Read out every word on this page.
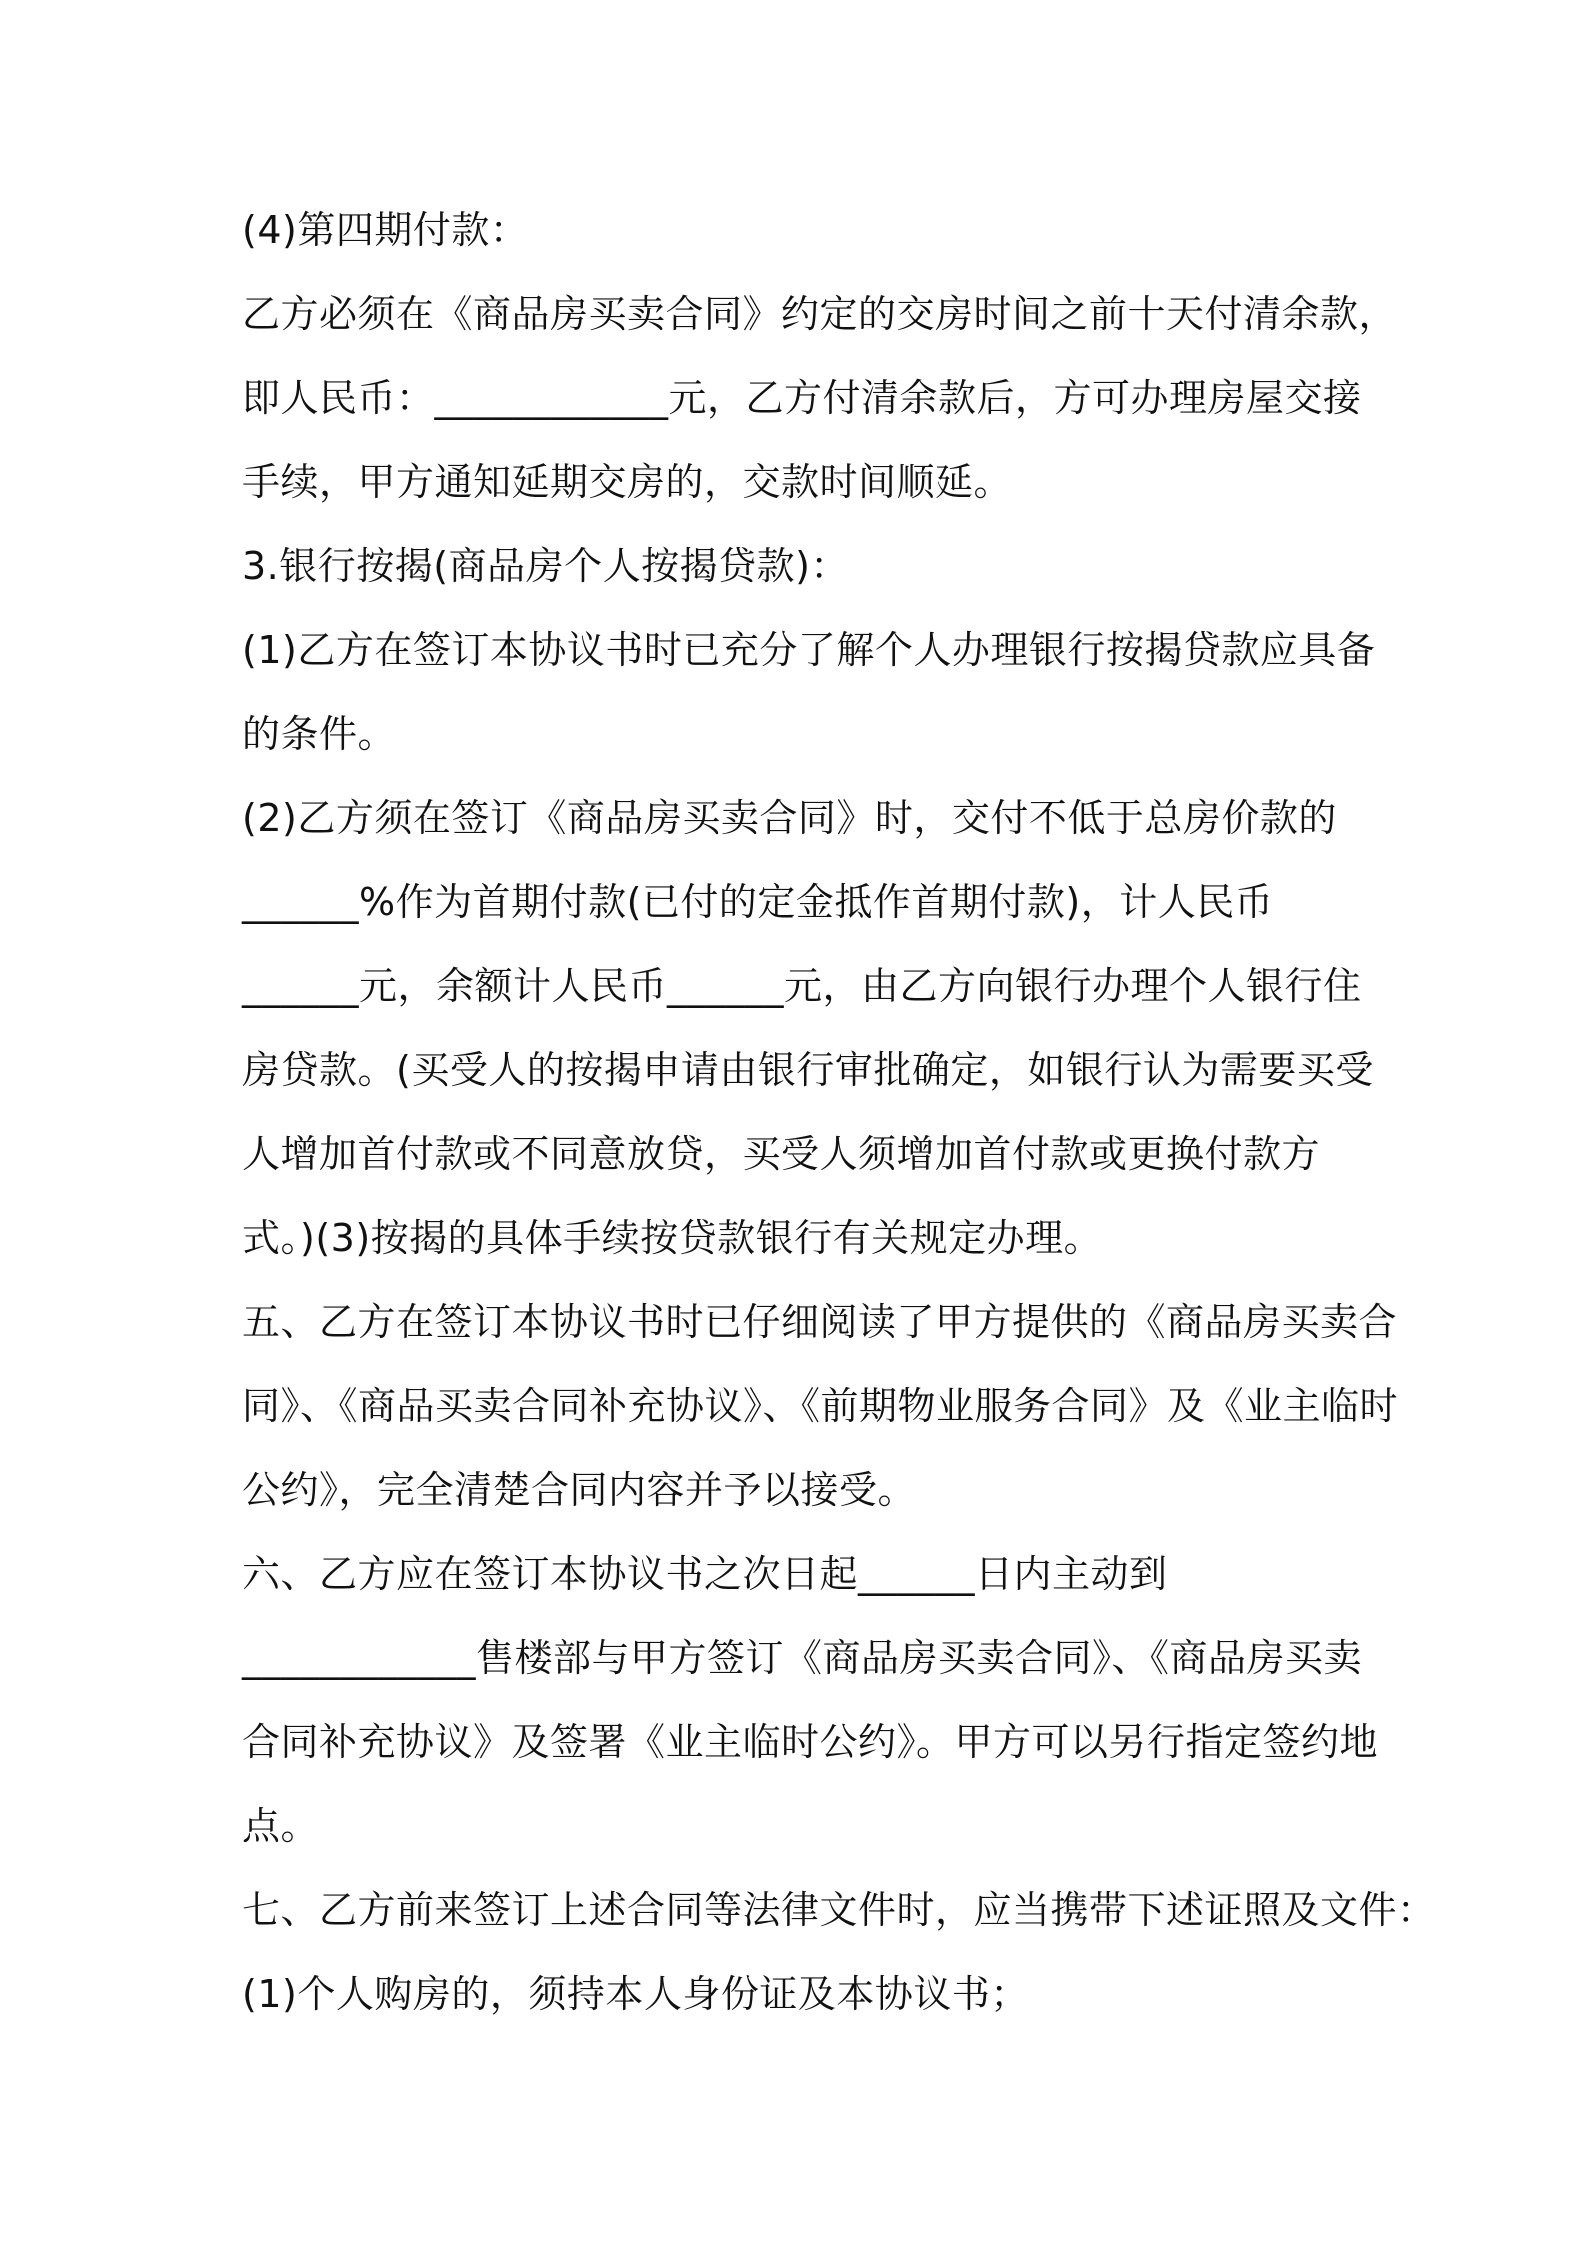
(4)第四期付款：

乙方必须在《商品房买卖合同》约定的交房时间之前十天付清余款，

即人民币：____________元，乙方付清余款后，方可办理房屋交接

手续，甲方通知延期交房的，交款时间顺延。

3.银行按揭(商品房个人按揭贷款)：

(1)乙方在签订本协议书时已充分了解个人办理银行按揭贷款应具备

的条件。

(2)乙方须在签订《商品房买卖合同》时，交付不低于总房价款的

______%作为首期付款(已付的定金抵作首期付款)，计人民币

______元，余额计人民币______元，由乙方向银行办理个人银行住

房贷款。(买受人的按揭申请由银行审批确定，如银行认为需要买受

人增加首付款或不同意放贷，买受人须增加首付款或更换付款方

式。)(3)按揭的具体手续按贷款银行有关规定办理。

五、乙方在签订本协议书时已仔细阅读了甲方提供的《商品房买卖合

同》、《商品买卖合同补充协议》、《前期物业服务合同》及《业主临时

公约》，完全清楚合同内容并予以接受。

六、乙方应在签订本协议书之次日起______日内主动到

____________售楼部与甲方签订《商品房买卖合同》、《商品房买卖

合同补充协议》及签署《业主临时公约》。甲方可以另行指定签约地

点。

七、乙方前来签订上述合同等法律文件时，应当携带下述证照及文件：

(1)个人购房的，须持本人身份证及本协议书；
